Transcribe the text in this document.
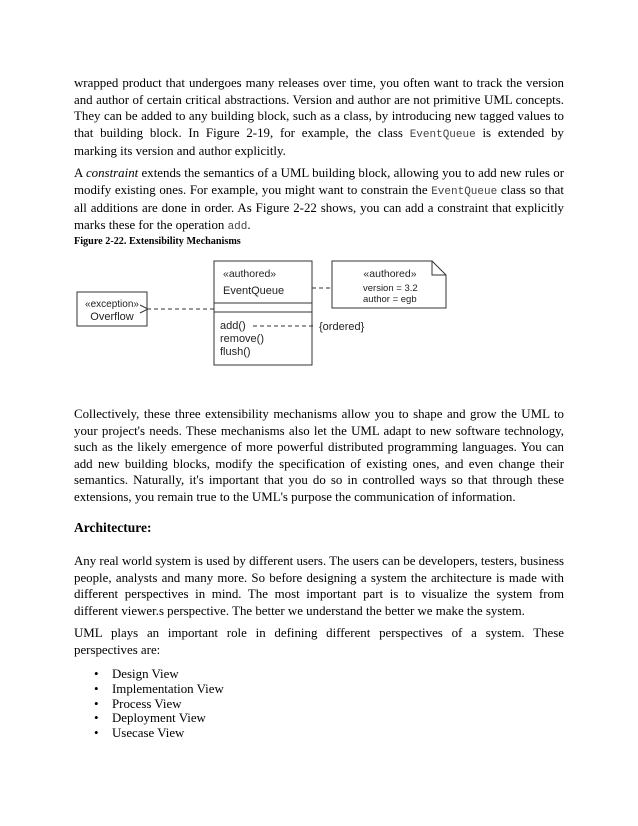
wrapped product that undergoes many releases over time, you often want to track the version and author of certain critical abstractions. Version and author are not primitive UML concepts. They can be added to any building block, such as a class, by introducing new tagged values to that building block. In Figure 2-19, for example, the class EventQueue is extended by marking its version and author explicitly.

A constraint extends the semantics of a UML building block, allowing you to add new rules or modify existing ones. For example, you might want to constrain the EventQueue class so that all additions are done in order. As Figure 2-22 shows, you can add a constraint that explicitly marks these for the operation add.

Figure 2-22. Extensibility Mechanisms

«exception»
Overflow
«authored»
EventQueue
add()
remove()
flush()
«authored»
version = 3.2
author = egb
{ordered}

Collectively, these three extensibility mechanisms allow you to shape and grow the UML to your project's needs. These mechanisms also let the UML adapt to new software technology, such as the likely emergence of more powerful distributed programming languages. You can add new building blocks, modify the specification of existing ones, and even change their semantics. Naturally, it's important that you do so in controlled ways so that through these extensions, you remain true to the UML's purpose the communication of information.

Architecture:

Any real world system is used by different users. The users can be developers, testers, business people, analysts and many more. So before designing a system the architecture is made with different perspectives in mind. The most important part is to visualize the system from different viewer.s perspective. The better we understand the better we make the system.

UML plays an important role in defining different perspectives of a system. These perspectives are:

• Design View
• Implementation View
• Process View
• Deployment View
• Usecase View
